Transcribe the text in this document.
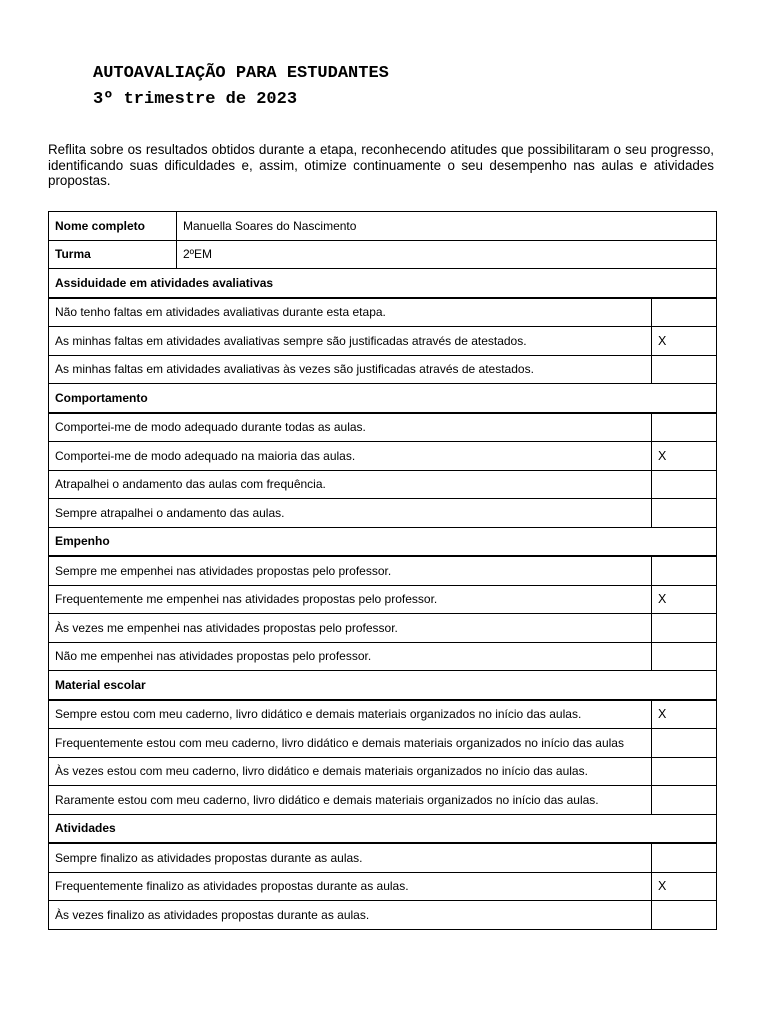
AUTOAVALIAÇÃO PARA ESTUDANTES
3º trimestre de 2023

Reflita sobre os resultados obtidos durante a etapa, reconhecendo atitudes que possibilitaram o seu progresso, identificando suas dificuldades e, assim, otimize continuamente o seu desempenho nas aulas e atividades propostas.

Nome completo	Manuella Soares do Nascimento	
Turma	2ºEM	
Assiduidade em atividades avaliativas		
Não tenho faltas em atividades avaliativas durante esta etapa.		
As minhas faltas em atividades avaliativas sempre são justificadas através de atestados.		X
As minhas faltas em atividades avaliativas às vezes são justificadas através de atestados.		
Comportamento		
Comportei-me de modo adequado durante todas as aulas.		
Comportei-me de modo adequado na maioria das aulas.		X
Atrapalhei o andamento das aulas com frequência.		
Sempre atrapalhei o andamento das aulas.		
Empenho		
Sempre me empenhei nas atividades propostas pelo professor.		
Frequentemente me empenhei nas atividades propostas pelo professor.		X
Às vezes me empenhei nas atividades propostas pelo professor.		
Não me empenhei nas atividades propostas pelo professor.		
Material escolar		
Sempre estou com meu caderno, livro didático e demais materiais organizados no início das aulas.		X
Frequentemente estou com meu caderno, livro didático e demais materiais organizados no início das aulas		
Às vezes estou com meu caderno, livro didático e demais materiais organizados no início das aulas.		
Raramente estou com meu caderno, livro didático e demais materiais organizados no início das aulas.		
Atividades		
Sempre finalizo as atividades propostas durante as aulas.		
Frequentemente finalizo as atividades propostas durante as aulas.		X
Às vezes finalizo as atividades propostas durante as aulas.		
